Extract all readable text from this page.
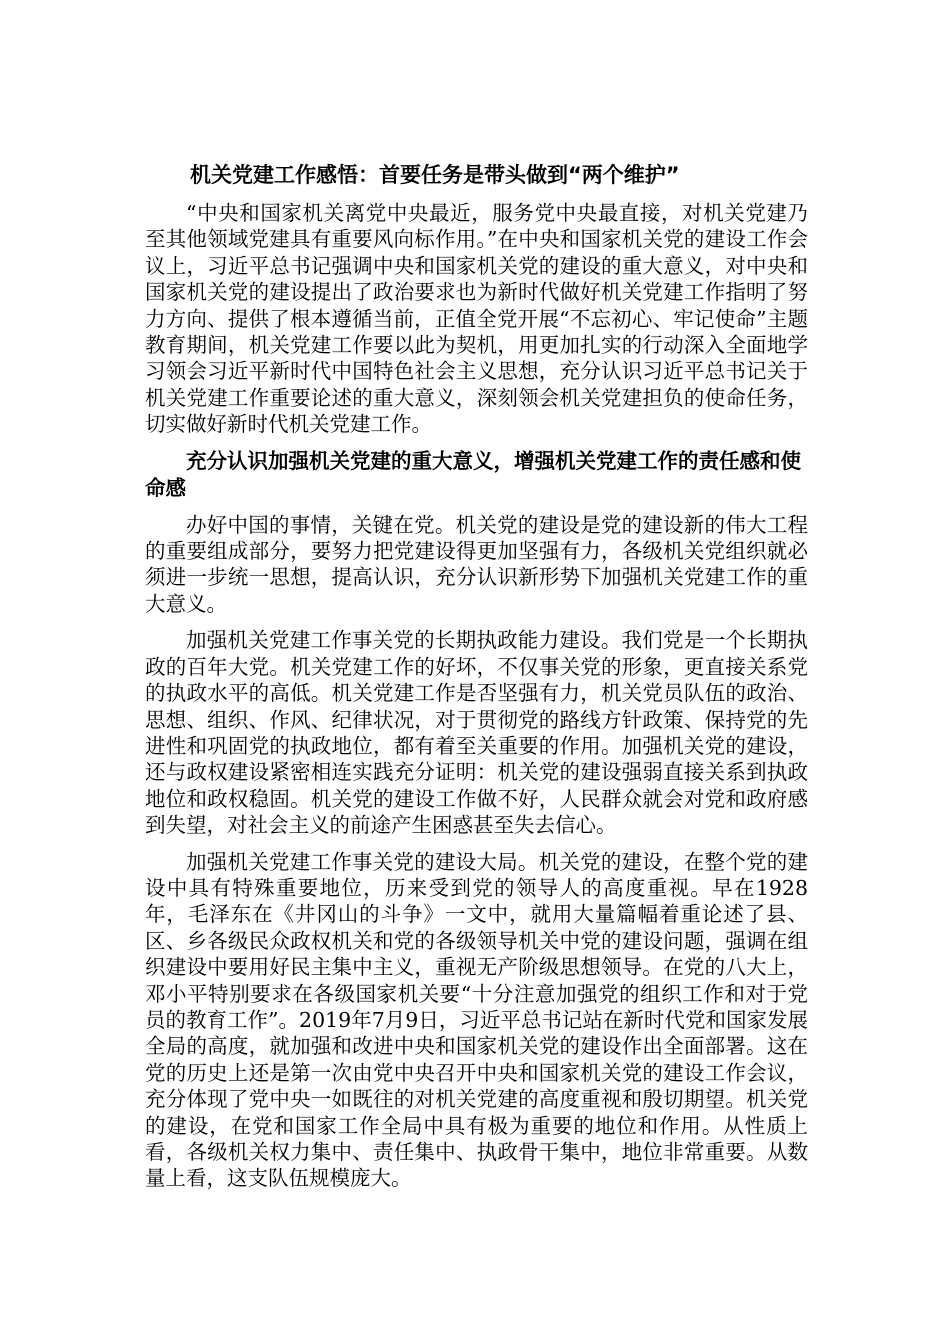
机关党建工作感悟：首要任务是带头做到“两个维护”

“中央和国家机关离党中央最近，服务党中央最直接，对机关党建乃至其他领域党建具有重要风向标作用。”在中央和国家机关党的建设工作会议上，习近平总书记强调中央和国家机关党的建设的重大意义，对中央和国家机关党的建设提出了政治要求也为新时代做好机关党建工作指明了努力方向、提供了根本遵循当前，正值全党开展“不忘初心、牢记使命”主题教育期间，机关党建工作要以此为契机，用更加扎实的行动深入全面地学习领会习近平新时代中国特色社会主义思想，充分认识习近平总书记关于机关党建工作重要论述的重大意义，深刻领会机关党建担负的使命任务，切实做好新时代机关党建工作。

充分认识加强机关党建的重大意义，增强机关党建工作的责任感和使命感

办好中国的事情，关键在党。机关党的建设是党的建设新的伟大工程的重要组成部分，要努力把党建设得更加坚强有力，各级机关党组织就必须进一步统一思想，提高认识，充分认识新形势下加强机关党建工作的重大意义。

加强机关党建工作事关党的长期执政能力建设。我们党是一个长期执政的百年大党。机关党建工作的好坏，不仅事关党的形象，更直接关系党的执政水平的高低。机关党建工作是否坚强有力，机关党员队伍的政治、思想、组织、作风、纪律状况，对于贯彻党的路线方针政策、保持党的先进性和巩固党的执政地位，都有着至关重要的作用。加强机关党的建设，还与政权建设紧密相连实践充分证明：机关党的建设强弱直接关系到执政地位和政权稳固。机关党的建设工作做不好，人民群众就会对党和政府感到失望，对社会主义的前途产生困惑甚至失去信心。

加强机关党建工作事关党的建设大局。机关党的建设，在整个党的建设中具有特殊重要地位，历来受到党的领导人的高度重视。早在1928年，毛泽东在《井冈山的斗争》一文中，就用大量篇幅着重论述了县、区、乡各级民众政权机关和党的各级领导机关中党的建设问题，强调在组织建设中要用好民主集中主义，重视无产阶级思想领导。在党的八大上，邓小平特别要求在各级国家机关要“十分注意加强党的组织工作和对于党员的教育工作”。2019年7月9日，习近平总书记站在新时代党和国家发展全局的高度，就加强和改进中央和国家机关党的建设作出全面部署。这在党的历史上还是第一次由党中央召开中央和国家机关党的建设工作会议，充分体现了党中央一如既往的对机关党建的高度重视和殷切期望。机关党的建设，在党和国家工作全局中具有极为重要的地位和作用。从性质上看，各级机关权力集中、责任集中、执政骨干集中，地位非常重要。从数量上看，这支队伍规模庞大。
